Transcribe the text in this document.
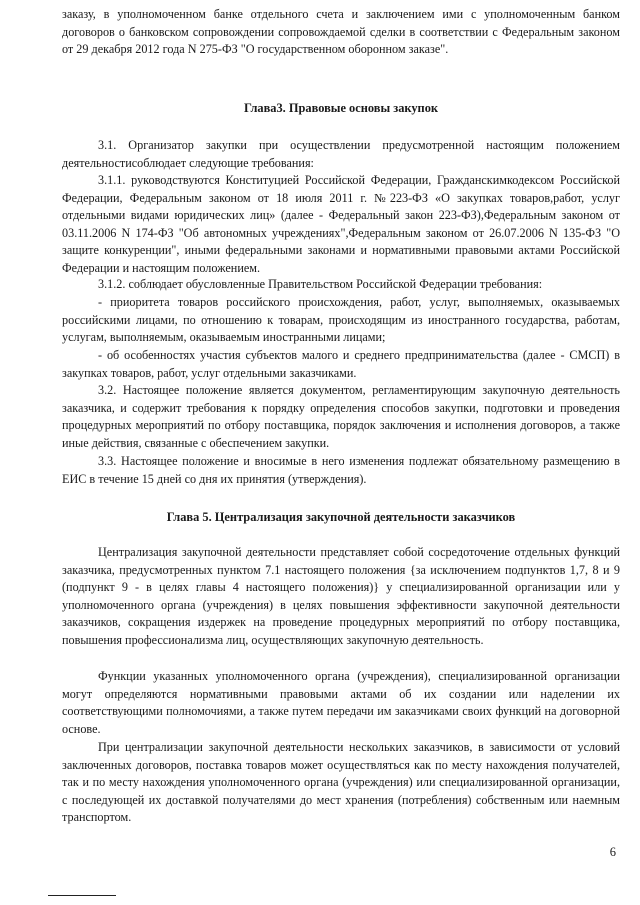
заказу, в уполномоченном банке отдельного счета и заключением ими с уполномоченным банком договоров о банковском сопровождении сопровождаемой сделки в соответствии с Федеральным законом от 29 декабря 2012 года N 275-ФЗ "О государственном оборонном заказе".

Глава3. Правовые основы закупок

3.1. Организатор закупки при осуществлении предусмотренной настоящим положением деятельностисоблюдает следующие требования:

3.1.1. руководствуются Конституцией Российской Федерации, Гражданскимкодексом Российской Федерации, Федеральным законом от 18 июля 2011 г. №223-ФЗ «О закупках товаров,работ, услуг отдельными видами юридических лиц» (далее - Федеральный закон 223-ФЗ),Федеральным законом от 03.11.2006 N 174-ФЗ "Об автономных учреждениях",Федеральным законом от 26.07.2006 N 135-ФЗ "О защите конкуренции", иными федеральными законами и нормативными правовыми актами Российской Федерации и настоящим положением.

3.1.2. соблюдает обусловленные Правительством Российской Федерации требования:

- приоритета товаров российского происхождения, работ, услуг, выполняемых, оказываемых российскими лицами, по отношению к товарам, происходящим из иностранного государства, работам, услугам, выполняемым, оказываемым иностранными лицами;

- об особенностях участия субъектов малого и среднего предпринимательства (далее - СМСП) в закупках товаров, работ, услуг отдельными заказчиками.

3.2. Настоящее положение является документом, регламентирующим закупочную деятельность заказчика, и содержит требования к порядку определения способов закупки, подготовки и проведения процедурных мероприятий по отбору поставщика, порядок заключения и исполнения договоров, а также иные действия, связанные с обеспечением закупки.

3.3. Настоящее положение и вносимые в него изменения подлежат обязательному размещению в ЕИС в течение 15 дней со дня их принятия (утверждения).

Глава 5. Централизация закупочной деятельности заказчиков

Централизация закупочной деятельности представляет собой сосредоточение отдельных функций заказчика, предусмотренных пунктом 7.1 настоящего положения {за исключением подпунктов 1,7, 8 и 9 (подпункт 9 - в целях главы 4 настоящего положения)} у специализированной организации или у уполномоченного органа (учреждения) в целях повышения эффективности закупочной деятельности заказчиков, сокращения издержек на проведение процедурных мероприятий по отбору поставщика, повышения профессионализма лиц, осуществляющих закупочную деятельность.

Функции указанных уполномоченного органа (учреждения), специализированной организации могут определяются нормативными правовыми актами об их создании или наделении их соответствующими полномочиями, а также путем передачи им заказчиками своих функций на договорной основе.

При централизации закупочной деятельности нескольких заказчиков, в зависимости от условий заключенных договоров, поставка товаров может осуществляться как по месту нахождения получателей, так и по месту нахождения уполномоченного органа (учреждения) или специализированной организации, с последующей их доставкой получателями до мест хранения (потребления) собственным или наемным транспортом.

6
